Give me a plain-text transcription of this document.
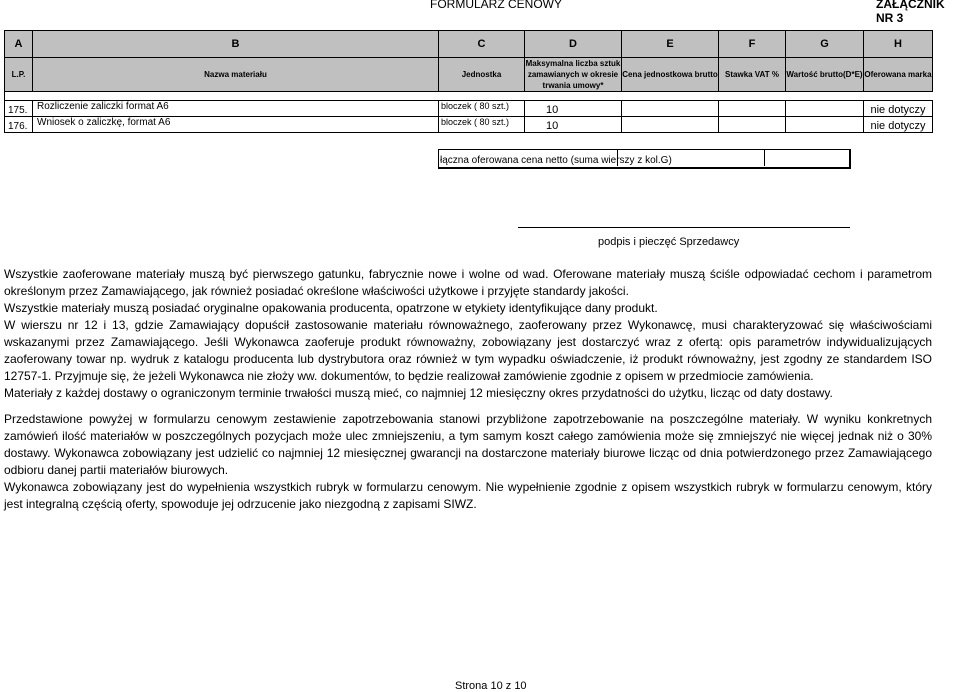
FORMULARZ CENOWY	ZAŁĄCZNIK NR 3
A	B	C	D	E	F	G	H
L.P.	Nazwa materiału	Jednostka	Maksymalna liczba sztuk zamawianych w okresie trwania umowy*	Cena jednostkowa brutto	Stawka VAT %	Wartość brutto(D*E)	Oferowana marka

175.	Rozliczenie zaliczki format A6	bloczek ( 80 szt.)	10				nie dotyczy
176.	Wniosek o zaliczkę, format A6	bloczek ( 80 szt.)	10				nie dotyczy
łączna oferowana cena netto (suma wierszy z kol.G)
podpis i pieczęć Sprzedawcy

Wszystkie zaoferowane materiały muszą być pierwszego gatunku, fabrycznie nowe i wolne od wad. Oferowane materiały muszą ściśle odpowiadać cechom i parametrom określonym przez Zamawiającego, jak również posiadać określone właściwości użytkowe i przyjęte standardy jakości.

Wszystkie materiały muszą posiadać oryginalne opakowania producenta, opatrzone w etykiety identyfikujące dany produkt.

W wierszu nr 12 i 13, gdzie Zamawiający dopuścił zastosowanie materiału równoważnego, zaoferowany przez Wykonawcę, musi charakteryzować się właściwościami wskazanymi przez Zamawiającego. Jeśli Wykonawca zaoferuje produkt równoważny, zobowiązany jest dostarczyć wraz z ofertą: opis parametrów indywidualizujących zaoferowany towar np. wydruk z katalogu producenta lub dystrybutora oraz również w tym wypadku oświadczenie, iż produkt równoważny, jest zgodny ze standardem ISO 12757-1. Przyjmuje się, że jeżeli Wykonawca nie złoży ww. dokumentów, to będzie realizował zamówienie zgodnie z opisem w przedmiocie zamówienia.

Materiały z każdej dostawy o ograniczonym terminie trwałości muszą mieć, co najmniej 12 miesięczny okres przydatności do użytku, licząc od daty dostawy.

Przedstawione powyżej w formularzu cenowym zestawienie zapotrzebowania stanowi przybliżone zapotrzebowanie na poszczególne materiały. W wyniku konkretnych zamówień ilość materiałów w poszczególnych pozycjach może ulec zmniejszeniu, a tym samym koszt całego zamówienia może się zmniejszyć nie więcej jednak niż o 30% dostawy. Wykonawca zobowiązany jest udzielić co najmniej 12 miesięcznej gwarancji na dostarczone materiały biurowe licząc od dnia potwierdzonego przez Zamawiającego odbioru danej partii materiałów biurowych.

Wykonawca zobowiązany jest do wypełnienia wszystkich rubryk w formularzu cenowym. Nie wypełnienie zgodnie z opisem wszystkich rubryk w formularzu cenowym, który jest integralną częścią oferty, spowoduje jej odrzucenie jako niezgodną z zapisami SIWZ.

Strona 10 z 10
